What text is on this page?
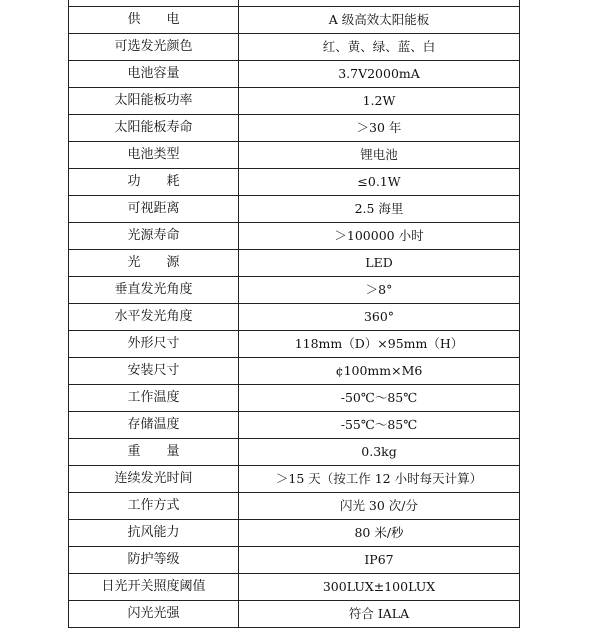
供　　电	A 级高效太阳能板
可选发光颜色	红、黄、绿、蓝、白
电池容量	3.7V2000mA
太阳能板功率	1.2W
太阳能板寿命	＞30 年
电池类型	锂电池
功　　耗	≤0.1W
可视距离	2.5 海里
光源寿命	＞100000 小时
光　　源	LED
垂直发光角度	＞8°
水平发光角度	360°
外形尺寸	118mm（D）×95mm（H）
安装尺寸	¢100mm×M6
工作温度	-50℃～85℃
存储温度	-55℃～85℃
重　　量	0.3kg
连续发光时间	＞15 天（按工作 12 小时每天计算）
工作方式	闪光 30 次/分
抗风能力	80 米/秒
防护等级	IP67
日光开关照度阈值	300LUX±100LUX
闪光光强	符合 IALA
